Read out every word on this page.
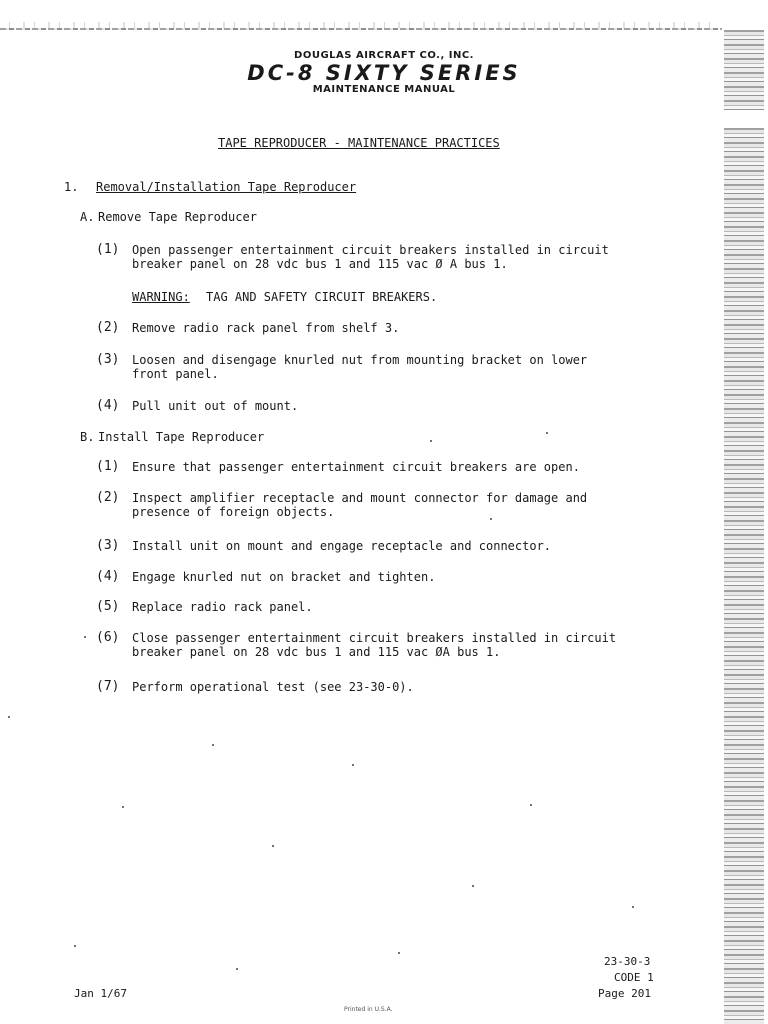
DOUGLAS AIRCRAFT CO., INC.
DC-8 SIXTY SERIES
MAINTENANCE MANUAL
TAPE REPRODUCER - MAINTENANCE PRACTICES
1. Removal/Installation Tape Reproducer
A. Remove Tape Reproducer
(1) Open passenger entertainment circuit breakers installed in circuit
breaker panel on 28 vdc bus 1 and 115 vac Ø A bus 1.
WARNING: TAG AND SAFETY CIRCUIT BREAKERS.
(2) Remove radio rack panel from shelf 3.
(3) Loosen and disengage knurled nut from mounting bracket on lower
front panel.
(4) Pull unit out of mount.
B. Install Tape Reproducer
(1) Ensure that passenger entertainment circuit breakers are open.
(2) Inspect amplifier receptacle and mount connector for damage and
presence of foreign objects.
(3) Install unit on mount and engage receptacle and connector.
(4) Engage knurled nut on bracket and tighten.
(5) Replace radio rack panel.
(6) Close passenger entertainment circuit breakers installed in circuit
breaker panel on 28 vdc bus 1 and 115 vac ØA bus 1.
(7) Perform operational test (see 23-30-0).
Jan 1/67
23-30-3
CODE 1
Page 201
Printed in U.S.A.
